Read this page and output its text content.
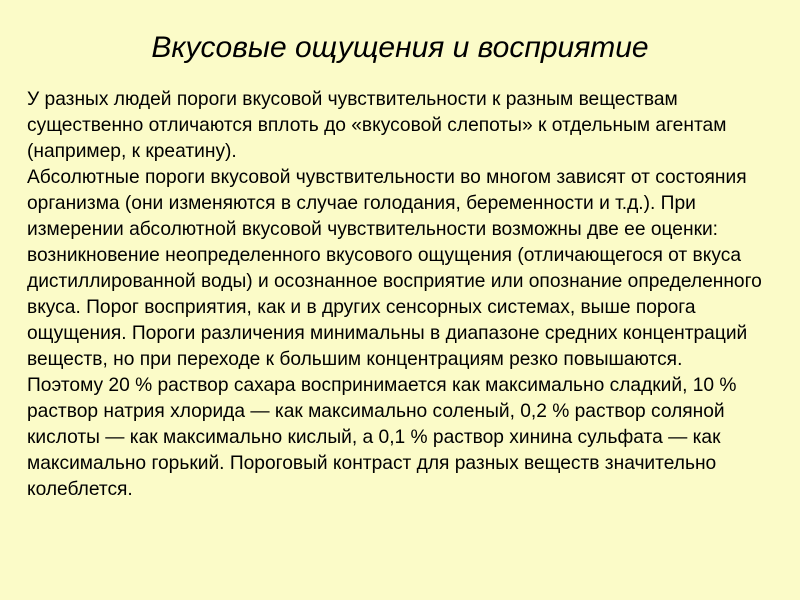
Вкусовые ощущения и восприятие

У разных людей пороги вкусовой чувствительности к разным веществам существенно отличаются вплоть до «вкусовой слепоты» к отдельным агентам (например, к креатину).

Абсолютные пороги вкусовой чувствительности во многом зависят от состояния организма (они изменяются в случае голодания, беременности и т.д.). При измерении абсолютной вкусовой чувствительности возможны две ее оценки: возникновение неопределенного вкусового ощущения (отличающегося от вкуса дистиллированной воды) и осознанное восприятие или опознание определенного вкуса. Порог восприятия, как и в других сенсорных системах, выше порога ощущения. Пороги различения минимальны в диапазоне средних концентраций веществ, но при переходе к большим концентрациям резко повышаются.

Поэтому 20 % раствор сахара воспринимается как максимально сладкий, 10 % раствор натрия хлорида — как максимально соленый, 0,2 % раствор соляной кислоты — как максимально кислый, а 0,1 % раствор хинина сульфата — как максимально горький. Пороговый контраст для разных веществ значительно колеблется.
